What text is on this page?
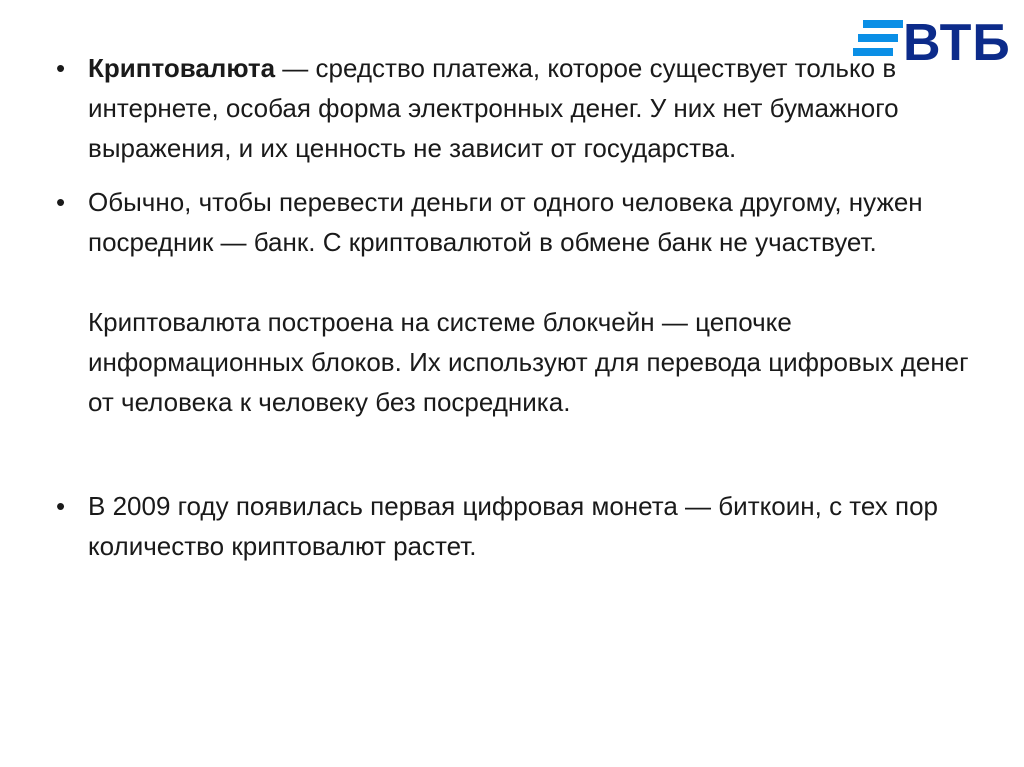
ВТБ
• Криптовалюта — средство платежа, которое существует только в интернете, особая форма электронных денег. У них нет бумажного выражения, и их ценность не зависит от государства.

• Обычно, чтобы перевести деньги от одного человека другому, нужен посредник — банк. С криптовалютой в обмене банк не участвует.

Криптовалюта построена на системе блокчейн — цепочке информационных блоков. Их используют для перевода цифровых денег от человека к человеку без посредника.

• В 2009 году появилась первая цифровая монета — биткоин, с тех пор количество криптовалют растет.
